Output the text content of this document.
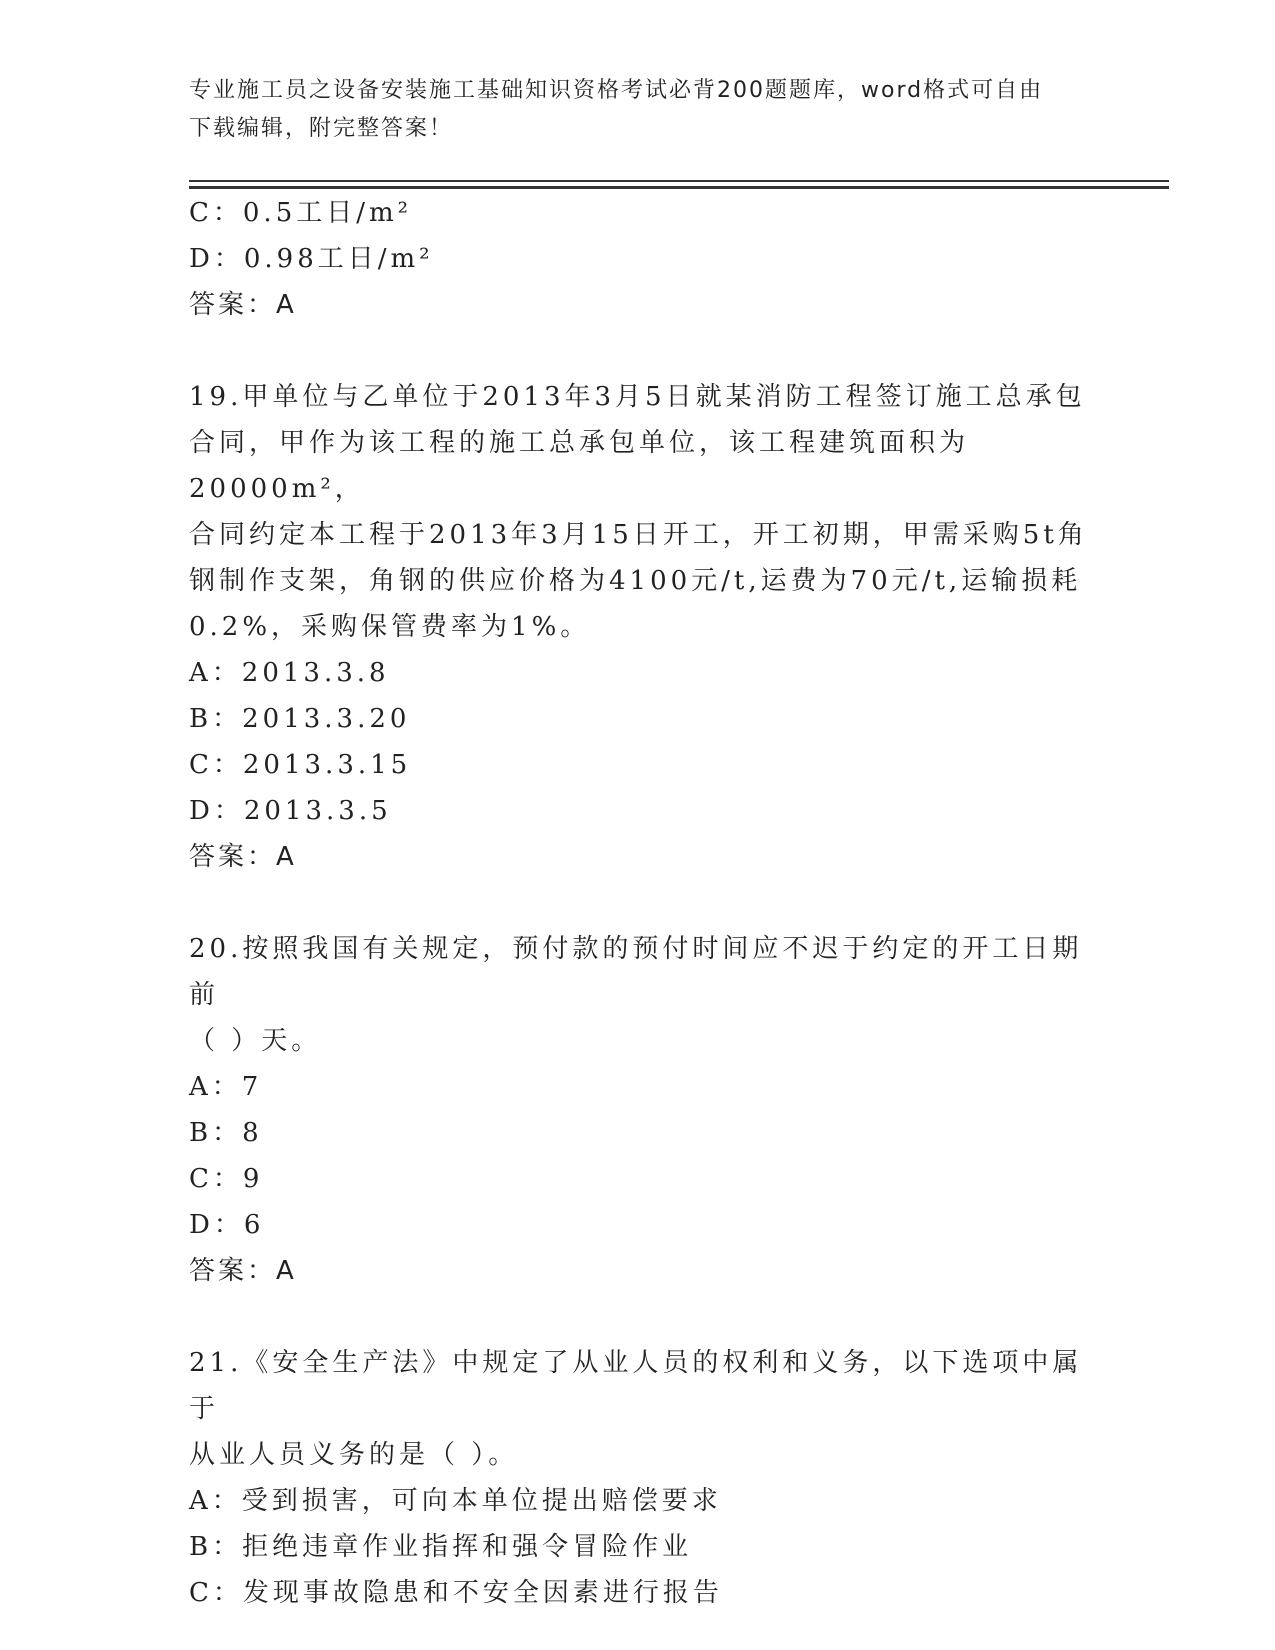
专业施工员之设备安装施工基础知识资格考试必背200题题库，word格式可自由
下载编辑，附完整答案！

C：0.5工日/m²

D：0.98工日/m²

答案：A

19.甲单位与乙单位于2013年3月5日就某消防工程签订施工总承包

合同，甲作为该工程的施工总承包单位，该工程建筑面积为20000m²，

合同约定本工程于2013年3月15日开工，开工初期，甲需采购5t角

钢制作支架，角钢的供应价格为4100元/t,运费为70元/t,运输损耗

0.2%，采购保管费率为1%。

A：2013.3.8

B：2013.3.20

C：2013.3.15

D：2013.3.5

答案：A

20.按照我国有关规定，预付款的预付时间应不迟于约定的开工日期前

（ ）天。

A：7

B：8

C：9

D：6

答案：A

21.《安全生产法》中规定了从业人员的权利和义务，以下选项中属于

从业人员义务的是（ ）。

A：受到损害，可向本单位提出赔偿要求

B：拒绝违章作业指挥和强令冒险作业

C：发现事故隐患和不安全因素进行报告
